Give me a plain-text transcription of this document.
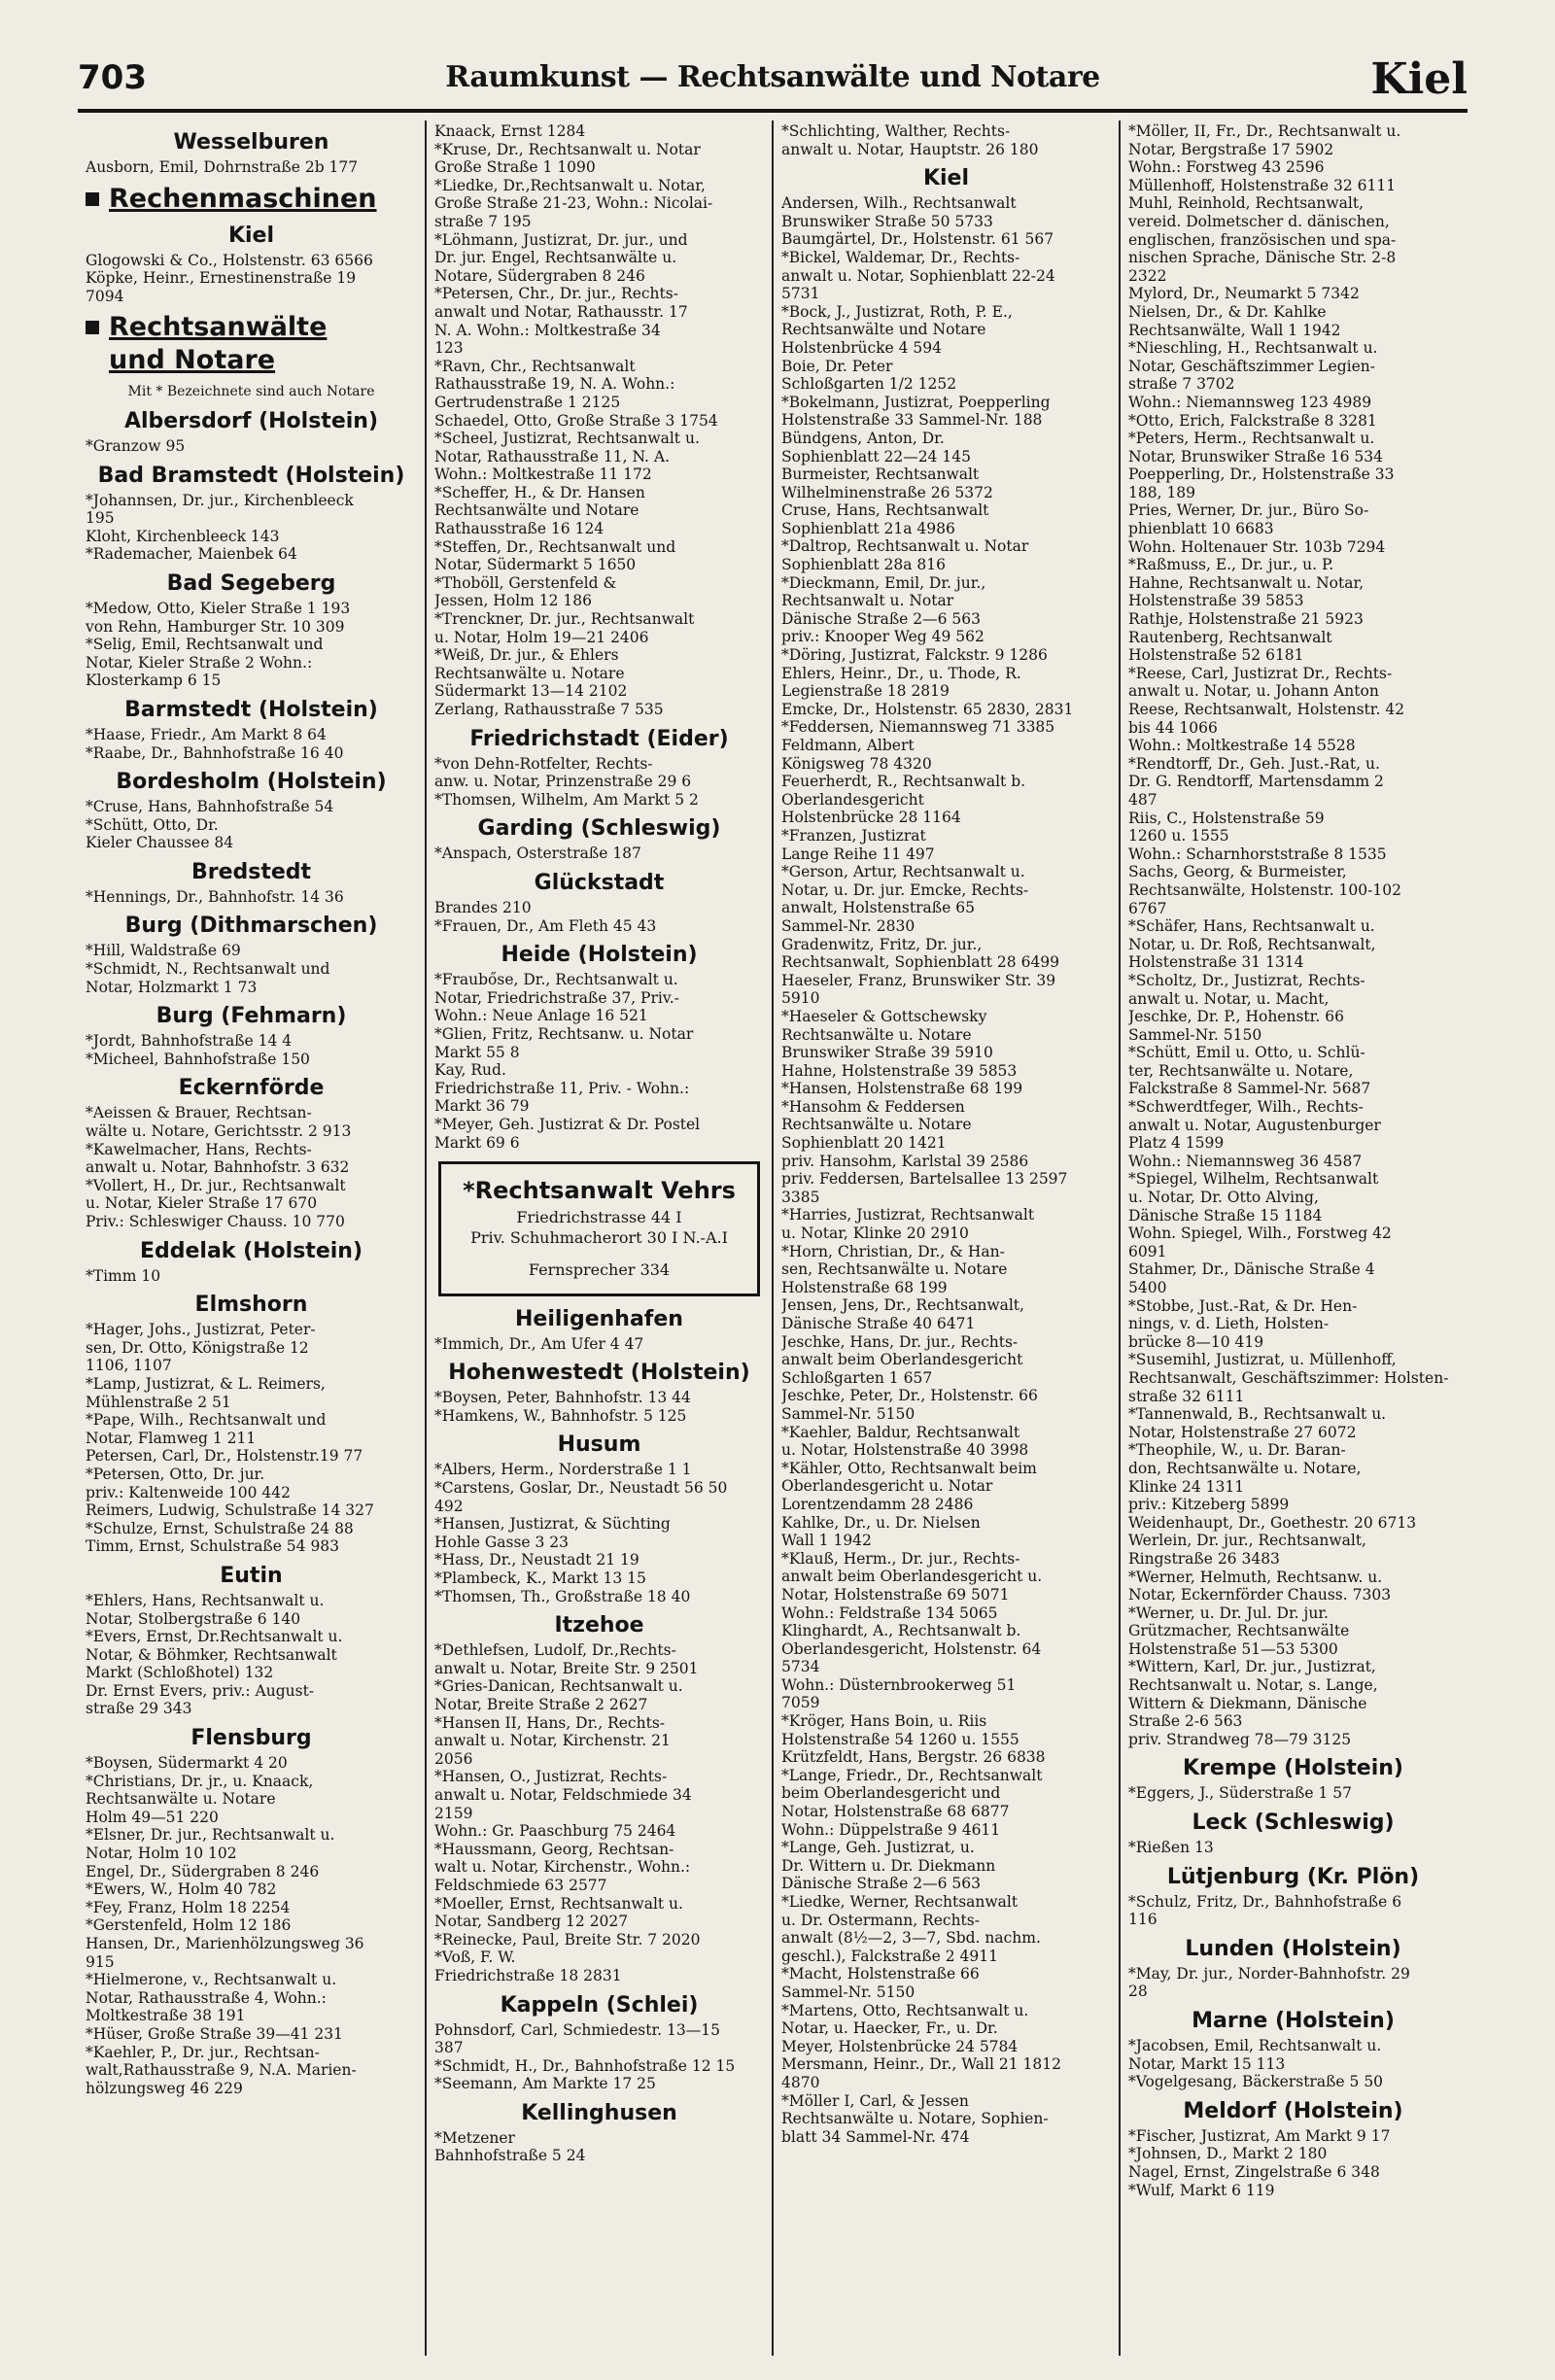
703	Raumkunst — Rechtsanwälte und Notare	Kiel
Wesselburen
Ausborn, Emil, Dohrnstraße 2b 177
Rechenmaschinen
Kiel
Glogowski & Co., Holstenstr. 63 6566
Köpke, Heinr., Ernestinenstraße 19
7094
Rechtsanwälte
und Notare
Mit * Bezeichnete sind auch Notare
Albersdorf (Holstein)
*Granzow 95
Bad Bramstedt (Holstein)
*Johannsen, Dr. jur., Kirchenbleeck
195
Kloht, Kirchenbleeck 143
*Rademacher, Maienbek 64
Bad Segeberg
*Medow, Otto, Kieler Straße 1 193
von Rehn, Hamburger Str. 10 309
*Selig, Emil, Rechtsanwalt und
Notar, Kieler Straße 2 Wohn.:
Klosterkamp 6 15
Barmstedt (Holstein)
*Haase, Friedr., Am Markt 8 64
*Raabe, Dr., Bahnhofstraße 16 40
Bordesholm (Holstein)
*Cruse, Hans, Bahnhofstraße 54
*Schütt, Otto, Dr.
Kieler Chaussee 84
Bredstedt
*Hennings, Dr., Bahnhofstr. 14 36
Burg (Dithmarschen)
*Hill, Waldstraße 69
*Schmidt, N., Rechtsanwalt und
Notar, Holzmarkt 1 73
Burg (Fehmarn)
*Jordt, Bahnhofstraße 14 4
*Micheel, Bahnhofstraße 150
Eckernförde
*Aeissen & Brauer, Rechtsan-
wälte u. Notare, Gerichtsstr. 2 913
*Kawelmacher, Hans, Rechts-
anwalt u. Notar, Bahnhofstr. 3 632
*Vollert, H., Dr. jur., Rechtsanwalt
u. Notar, Kieler Straße 17 670
Priv.: Schleswiger Chauss. 10 770
Eddelak (Holstein)
*Timm 10
Elmshorn
*Hager, Johs., Justizrat, Peter-
sen, Dr. Otto, Königstraße 12
1106, 1107
*Lamp, Justizrat, & L. Reimers,
Mühlenstraße 2 51
*Pape, Wilh., Rechtsanwalt und
Notar, Flamweg 1 211
Petersen, Carl, Dr., Holstenstr.19 77
*Petersen, Otto, Dr. jur.
priv.: Kaltenweide 100 442
Reimers, Ludwig, Schulstraße 14 327
*Schulze, Ernst, Schulstraße 24 88
Timm, Ernst, Schulstraße 54 983
Eutin
*Ehlers, Hans, Rechtsanwalt u.
Notar, Stolbergstraße 6 140
*Evers, Ernst, Dr.Rechtsanwalt u.
Notar, & Böhmker, Rechtsanwalt
Markt (Schloßhotel) 132
Dr. Ernst Evers, priv.: August-
straße 29 343
Flensburg
*Boysen, Südermarkt 4 20
*Christians, Dr. jr., u. Knaack,
Rechtsanwälte u. Notare
Holm 49—51 220
*Elsner, Dr. jur., Rechtsanwalt u.
Notar, Holm 10 102
Engel, Dr., Südergraben 8 246
*Ewers, W., Holm 40 782
*Fey, Franz, Holm 18 2254
*Gerstenfeld, Holm 12 186
Hansen, Dr., Marienhölzungsweg 36
915
*Hielmerone, v., Rechtsanwalt u.
Notar, Rathausstraße 4, Wohn.:
Moltkestraße 38 191
*Hüser, Große Straße 39—41 231
*Kaehler, P., Dr. jur., Rechtsan-
walt,Rathausstraße 9, N.A. Marien-
hölzungsweg 46 229
Knaack, Ernst 1284
*Kruse, Dr., Rechtsanwalt u. Notar
Große Straße 1 1090
*Liedke, Dr.,Rechtsanwalt u. Notar,
Große Straße 21-23, Wohn.: Nicolai-
straße 7 195
*Löhmann, Justizrat, Dr. jur., und
Dr. jur. Engel, Rechtsanwälte u.
Notare, Südergraben 8 246
*Petersen, Chr., Dr. jur., Rechts-
anwalt und Notar, Rathausstr. 17
N. A. Wohn.: Moltkestraße 34
123
*Ravn, Chr., Rechtsanwalt
Rathausstraße 19, N. A. Wohn.:
Gertrudenstraße 1 2125
Schaedel, Otto, Große Straße 3 1754
*Scheel, Justizrat, Rechtsanwalt u.
Notar, Rathausstraße 11, N. A.
Wohn.: Moltkestraße 11 172
*Scheffer, H., & Dr. Hansen
Rechtsanwälte und Notare
Rathausstraße 16 124
*Steffen, Dr., Rechtsanwalt und
Notar, Südermarkt 5 1650
*Thoböll, Gerstenfeld &
Jessen, Holm 12 186
*Trenckner, Dr. jur., Rechtsanwalt
u. Notar, Holm 19—21 2406
*Weiß, Dr. jur., & Ehlers
Rechtsanwälte u. Notare
Südermarkt 13—14 2102
Zerlang, Rathausstraße 7 535
Friedrichstadt (Eider)
*von Dehn-Rotfelter, Rechts-
anw. u. Notar, Prinzenstraße 29 6
*Thomsen, Wilhelm, Am Markt 5 2
Garding (Schleswig)
*Anspach, Osterstraße 187
Glückstadt
Brandes 210
*Frauen, Dr., Am Fleth 45 43
Heide (Holstein)
*Fraubőse, Dr., Rechtsanwalt u.
Notar, Friedrichstraße 37, Priv.-
Wohn.: Neue Anlage 16 521
*Glien, Fritz, Rechtsanw. u. Notar
Markt 55 8
Kay, Rud.
Friedrichstraße 11, Priv. - Wohn.:
Markt 36 79
*Meyer, Geh. Justizrat & Dr. Postel
Markt 69 6
*Rechtsanwalt Vehrs
Friedrichstrasse 44 I
Priv. Schuhmacherort 30 I N.-A.I
Fernsprecher 334
Heiligenhafen
*Immich, Dr., Am Ufer 4 47
Hohenwestedt (Holstein)
*Boysen, Peter, Bahnhofstr. 13 44
*Hamkens, W., Bahnhofstr. 5 125
Husum
*Albers, Herm., Norderstraße 1 1
*Carstens, Goslar, Dr., Neustadt 56 50
492
*Hansen, Justizrat, & Süchting
Hohle Gasse 3 23
*Hass, Dr., Neustadt 21 19
*Plambeck, K., Markt 13 15
*Thomsen, Th., Großstraße 18 40
Itzehoe
*Dethlefsen, Ludolf, Dr.,Rechts-
anwalt u. Notar, Breite Str. 9 2501
*Gries-Danican, Rechtsanwalt u.
Notar, Breite Straße 2 2627
*Hansen II, Hans, Dr., Rechts-
anwalt u. Notar, Kirchenstr. 21
2056
*Hansen, O., Justizrat, Rechts-
anwalt u. Notar, Feldschmiede 34
2159
Wohn.: Gr. Paaschburg 75 2464
*Haussmann, Georg, Rechtsan-
walt u. Notar, Kirchenstr., Wohn.:
Feldschmiede 63 2577
*Moeller, Ernst, Rechtsanwalt u.
Notar, Sandberg 12 2027
*Reinecke, Paul, Breite Str. 7 2020
*Voß, F. W.
Friedrichstraße 18 2831
Kappeln (Schlei)
Pohnsdorf, Carl, Schmiedestr. 13—15
387
*Schmidt, H., Dr., Bahnhofstraße 12 15
*Seemann, Am Markte 17 25
Kellinghusen
*Metzener
Bahnhofstraße 5 24
*Schlichting, Walther, Rechts-
anwalt u. Notar, Hauptstr. 26 180
Kiel
Andersen, Wilh., Rechtsanwalt
Brunswiker Straße 50 5733
Baumgärtel, Dr., Holstenstr. 61 567
*Bickel, Waldemar, Dr., Rechts-
anwalt u. Notar, Sophienblatt 22-24
5731
*Bock, J., Justizrat, Roth, P. E.,
Rechtsanwälte und Notare
Holstenbrücke 4 594
Boie, Dr. Peter
Schloßgarten 1/2 1252
*Bokelmann, Justizrat, Poepperling
Holstenstraße 33 Sammel-Nr. 188
Bündgens, Anton, Dr.
Sophienblatt 22—24 145
Burmeister, Rechtsanwalt
Wilhelminenstraße 26 5372
Cruse, Hans, Rechtsanwalt
Sophienblatt 21a 4986
*Daltrop, Rechtsanwalt u. Notar
Sophienblatt 28a 816
*Dieckmann, Emil, Dr. jur.,
Rechtsanwalt u. Notar
Dänische Straße 2—6 563
priv.: Knooper Weg 49 562
*Döring, Justizrat, Falckstr. 9 1286
Ehlers, Heinr., Dr., u. Thode, R.
Legienstraße 18 2819
Emcke, Dr., Holstenstr. 65 2830, 2831
*Feddersen, Niemannsweg 71 3385
Feldmann, Albert
Königsweg 78 4320
Feuerherdt, R., Rechtsanwalt b.
Oberlandesgericht
Holstenbrücke 28 1164
*Franzen, Justizrat
Lange Reihe 11 497
*Gerson, Artur, Rechtsanwalt u.
Notar, u. Dr. jur. Emcke, Rechts-
anwalt, Holstenstraße 65
Sammel-Nr. 2830
Gradenwitz, Fritz, Dr. jur.,
Rechtsanwalt, Sophienblatt 28 6499
Haeseler, Franz, Brunswiker Str. 39
5910
*Haeseler & Gottschewsky
Rechtsanwälte u. Notare
Brunswiker Straße 39 5910
Hahne, Holstenstraße 39 5853
*Hansen, Holstenstraße 68 199
*Hansohm & Feddersen
Rechtsanwälte u. Notare
Sophienblatt 20 1421
priv. Hansohm, Karlstal 39 2586
priv. Feddersen, Bartelsallee 13 2597
3385
*Harries, Justizrat, Rechtsanwalt
u. Notar, Klinke 20 2910
*Horn, Christian, Dr., & Han-
sen, Rechtsanwälte u. Notare
Holstenstraße 68 199
Jensen, Jens, Dr., Rechtsanwalt,
Dänische Straße 40 6471
Jeschke, Hans, Dr. jur., Rechts-
anwalt beim Oberlandesgericht
Schloßgarten 1 657
Jeschke, Peter, Dr., Holstenstr. 66
Sammel-Nr. 5150
*Kaehler, Baldur, Rechtsanwalt
u. Notar, Holstenstraße 40 3998
*Kähler, Otto, Rechtsanwalt beim
Oberlandesgericht u. Notar
Lorentzendamm 28 2486
Kahlke, Dr., u. Dr. Nielsen
Wall 1 1942
*Klauß, Herm., Dr. jur., Rechts-
anwalt beim Oberlandesgericht u.
Notar, Holstenstraße 69 5071
Wohn.: Feldstraße 134 5065
Klinghardt, A., Rechtsanwalt b.
Oberlandesgericht, Holstenstr. 64
5734
Wohn.: Düsternbrookerweg 51
7059
*Kröger, Hans Boin, u. Riis
Holstenstraße 54 1260 u. 1555
Krützfeldt, Hans, Bergstr. 26 6838
*Lange, Friedr., Dr., Rechtsanwalt
beim Oberlandesgericht und
Notar, Holstenstraße 68 6877
Wohn.: Düppelstraße 9 4611
*Lange, Geh. Justizrat, u.
Dr. Wittern u. Dr. Diekmann
Dänische Straße 2—6 563
*Liedke, Werner, Rechtsanwalt
u. Dr. Ostermann, Rechts-
anwalt (8½—2, 3—7, Sbd. nachm.
geschl.), Falckstraße 2 4911
*Macht, Holstenstraße 66
Sammel-Nr. 5150
*Martens, Otto, Rechtsanwalt u.
Notar, u. Haecker, Fr., u. Dr.
Meyer, Holstenbrücke 24 5784
Mersmann, Heinr., Dr., Wall 21 1812
4870
*Möller I, Carl, & Jessen
Rechtsanwälte u. Notare, Sophien-
blatt 34 Sammel-Nr. 474
*Möller, II, Fr., Dr., Rechtsanwalt u.
Notar, Bergstraße 17 5902
Wohn.: Forstweg 43 2596
Müllenhoff, Holstenstraße 32 6111
Muhl, Reinhold, Rechtsanwalt,
vereid. Dolmetscher d. dänischen,
englischen, französischen und spa-
nischen Sprache, Dänische Str. 2-8
2322
Mylord, Dr., Neumarkt 5 7342
Nielsen, Dr., & Dr. Kahlke
Rechtsanwälte, Wall 1 1942
*Nieschling, H., Rechtsanwalt u.
Notar, Geschäftszimmer Legien-
straße 7 3702
Wohn.: Niemannsweg 123 4989
*Otto, Erich, Falckstraße 8 3281
*Peters, Herm., Rechtsanwalt u.
Notar, Brunswiker Straße 16 534
Poepperling, Dr., Holstenstraße 33
188, 189
Pries, Werner, Dr. jur., Büro So-
phienblatt 10 6683
Wohn. Holtenauer Str. 103b 7294
*Raßmuss, E., Dr. jur., u. P.
Hahne, Rechtsanwalt u. Notar,
Holstenstraße 39 5853
Rathje, Holstenstraße 21 5923
Rautenberg, Rechtsanwalt
Holstenstraße 52 6181
*Reese, Carl, Justizrat Dr., Rechts-
anwalt u. Notar, u. Johann Anton
Reese, Rechtsanwalt, Holstenstr. 42
bis 44 1066
Wohn.: Moltkestraße 14 5528
*Rendtorff, Dr., Geh. Just.-Rat, u.
Dr. G. Rendtorff, Martensdamm 2
487
Riis, C., Holstenstraße 59
1260 u. 1555
Wohn.: Scharnhorststraße 8 1535
Sachs, Georg, & Burmeister,
Rechtsanwälte, Holstenstr. 100-102
6767
*Schäfer, Hans, Rechtsanwalt u.
Notar, u. Dr. Roß, Rechtsanwalt,
Holstenstraße 31 1314
*Scholtz, Dr., Justizrat, Rechts-
anwalt u. Notar, u. Macht,
Jeschke, Dr. P., Hohenstr. 66
Sammel-Nr. 5150
*Schütt, Emil u. Otto, u. Schlü-
ter, Rechtsanwälte u. Notare,
Falckstraße 8 Sammel-Nr. 5687
*Schwerdtfeger, Wilh., Rechts-
anwalt u. Notar, Augustenburger
Platz 4 1599
Wohn.: Niemannsweg 36 4587
*Spiegel, Wilhelm, Rechtsanwalt
u. Notar, Dr. Otto Alving,
Dänische Straße 15 1184
Wohn. Spiegel, Wilh., Forstweg 42
6091
Stahmer, Dr., Dänische Straße 4
5400
*Stobbe, Just.-Rat, & Dr. Hen-
nings, v. d. Lieth, Holsten-
brücke 8—10 419
*Susemihl, Justizrat, u. Müllenhoff,
Rechtsanwalt, Geschäftszimmer: Holsten-
straße 32 6111
*Tannenwald, B., Rechtsanwalt u.
Notar, Holstenstraße 27 6072
*Theophile, W., u. Dr. Baran-
don, Rechtsanwälte u. Notare,
Klinke 24 1311
priv.: Kitzeberg 5899
Weidenhaupt, Dr., Goethestr. 20 6713
Werlein, Dr. jur., Rechtsanwalt,
Ringstraße 26 3483
*Werner, Helmuth, Rechtsanw. u.
Notar, Eckernförder Chauss. 7303
*Werner, u. Dr. Jul. Dr. jur.
Grützmacher, Rechtsanwälte
Holstenstraße 51—53 5300
*Wittern, Karl, Dr. jur., Justizrat,
Rechtsanwalt u. Notar, s. Lange,
Wittern & Diekmann, Dänische
Straße 2-6 563
priv. Strandweg 78—79 3125
Krempe (Holstein)
*Eggers, J., Süderstraße 1 57
Leck (Schleswig)
*Rießen 13
Lütjenburg (Kr. Plön)
*Schulz, Fritz, Dr., Bahnhofstraße 6
116
Lunden (Holstein)
*May, Dr. jur., Norder-Bahnhofstr. 29
28
Marne (Holstein)
*Jacobsen, Emil, Rechtsanwalt u.
Notar, Markt 15 113
*Vogelgesang, Bäckerstraße 5 50
Meldorf (Holstein)
*Fischer, Justizrat, Am Markt 9 17
*Johnsen, D., Markt 2 180
Nagel, Ernst, Zingelstraße 6 348
*Wulf, Markt 6 119
